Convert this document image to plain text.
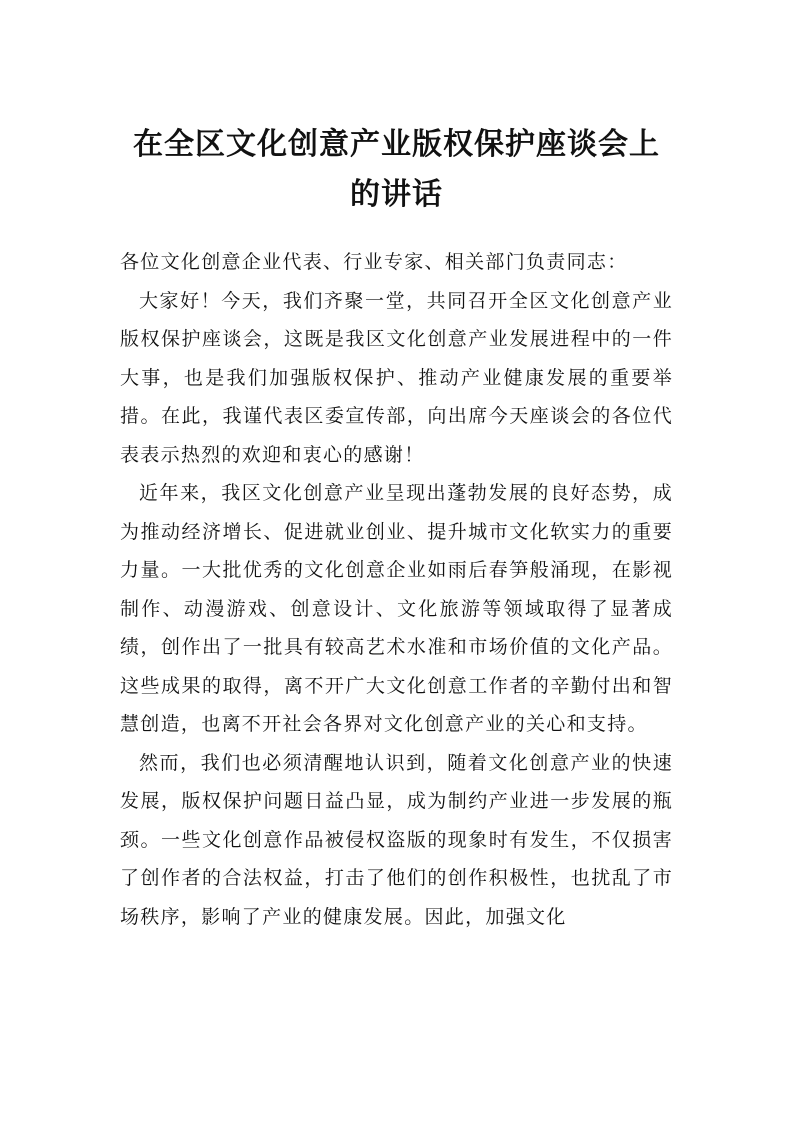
在全区文化创意产业版权保护座谈会上的讲话

各位文化创意企业代表、行业专家、相关部门负责同志：

大家好！今天，我们齐聚一堂，共同召开全区文化创意产业版权保护座谈会，这既是我区文化创意产业发展进程中的一件大事，也是我们加强版权保护、推动产业健康发展的重要举措。在此，我谨代表区委宣传部，向出席今天座谈会的各位代表表示热烈的欢迎和衷心的感谢！

近年来，我区文化创意产业呈现出蓬勃发展的良好态势，成为推动经济增长、促进就业创业、提升城市文化软实力的重要力量。一大批优秀的文化创意企业如雨后春笋般涌现，在影视制作、动漫游戏、创意设计、文化旅游等领域取得了显著成绩，创作出了一批具有较高艺术水准和市场价值的文化产品。这些成果的取得，离不开广大文化创意工作者的辛勤付出和智慧创造，也离不开社会各界对文化创意产业的关心和支持。

然而，我们也必须清醒地认识到，随着文化创意产业的快速发展，版权保护问题日益凸显，成为制约产业进一步发展的瓶颈。一些文化创意作品被侵权盗版的现象时有发生，不仅损害了创作者的合法权益，打击了他们的创作积极性，也扰乱了市场秩序，影响了产业的健康发展。因此，加强文化
